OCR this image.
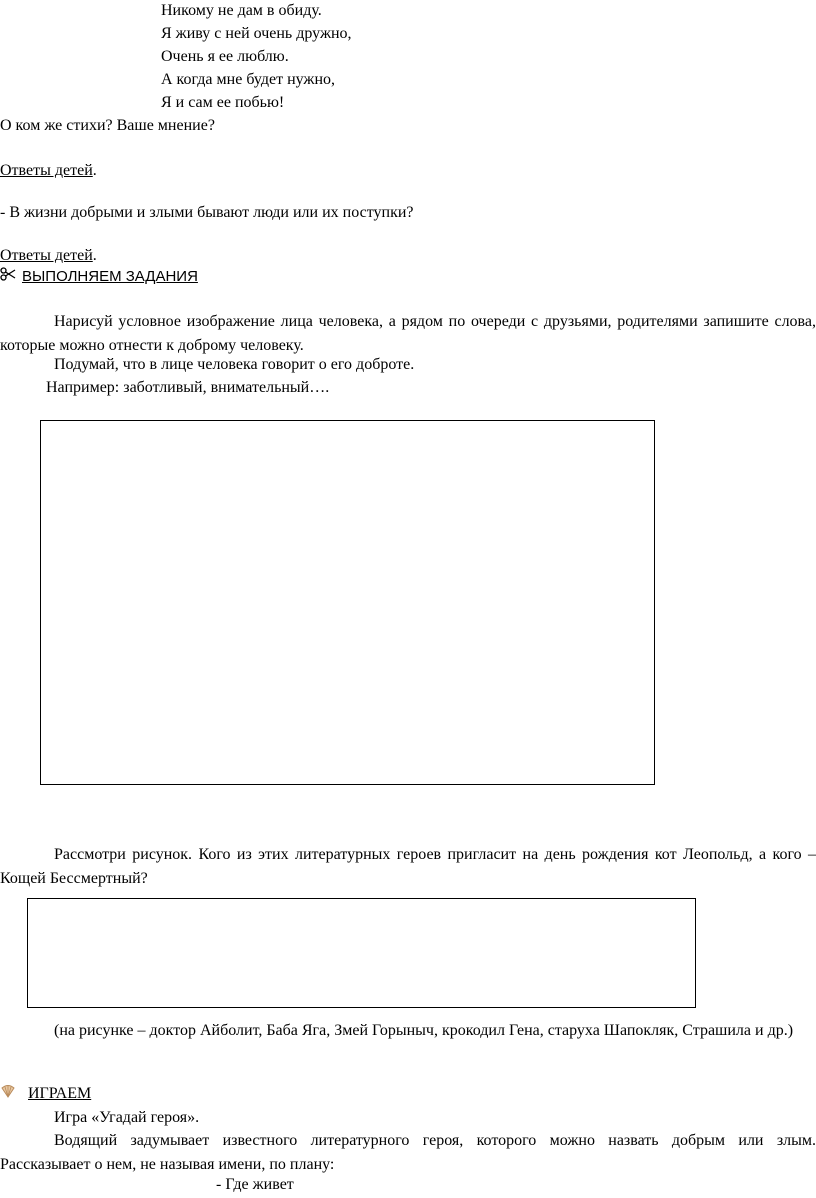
Никому не дам в обиду.
Я живу с ней очень дружно,
Очень я ее люблю.
А когда мне будет нужно,
Я и сам ее побью!
О ком же стихи? Ваше мнение?
Ответы детей.
- В жизни добрыми и злыми бывают люди или их поступки?
Ответы детей.
ВЫПОЛНЯЕМ ЗАДАНИЯ
Нарисуй условное изображение лица человека, а рядом по очереди с друзьями, родителями запишите слова, которые можно отнести к доброму человеку.
Подумай, что в лице человека говорит о его доброте.
Например: заботливый, внимательный….
Рассмотри рисунок. Кого из этих литературных героев пригласит на день рождения кот Леопольд, а кого – Кощей Бессмертный?
(на рисунке – доктор Айболит, Баба Яга, Змей Горыныч, крокодил Гена, старуха Шапокляк, Страшила и др.)
ИГРАЕМ
Игра «Угадай героя».
Водящий задумывает известного литературного героя, которого можно назвать добрым или злым. Рассказывает о нем, не называя имени, по плану:
- Где живет
